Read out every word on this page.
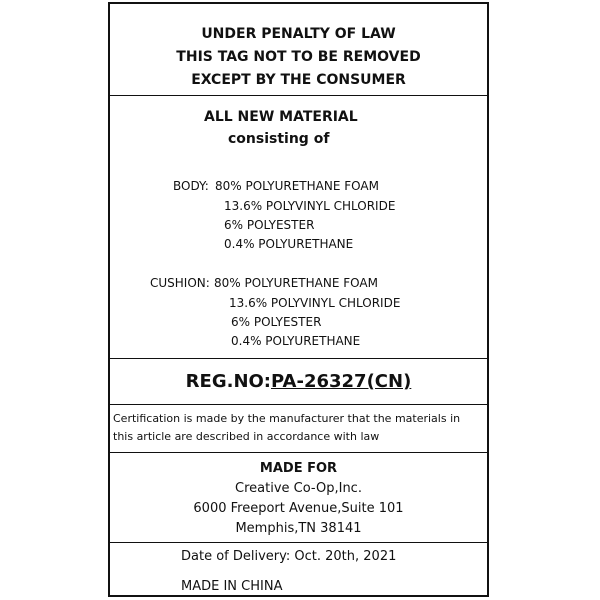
UNDER PENALTY OF LAW
THIS TAG NOT TO BE REMOVED
EXCEPT BY THE CONSUMER
ALL NEW MATERIAL
consisting of
BODY: 80% POLYURETHANE FOAM
13.6% POLYVINYL CHLORIDE
6% POLYESTER
0.4% POLYURETHANE
CUSHION: 80% POLYURETHANE FOAM
13.6% POLYVINYL CHLORIDE
6% POLYESTER
0.4% POLYURETHANE
REG.NO:PA-26327(CN)
Certification is made by the manufacturer that the materials in
this article are described in accordance with law
MADE FOR
Creative Co-Op,Inc.
6000 Freeport Avenue,Suite 101
Memphis,TN 38141
Date of Delivery: Oct. 20th, 2021
MADE IN CHINA
